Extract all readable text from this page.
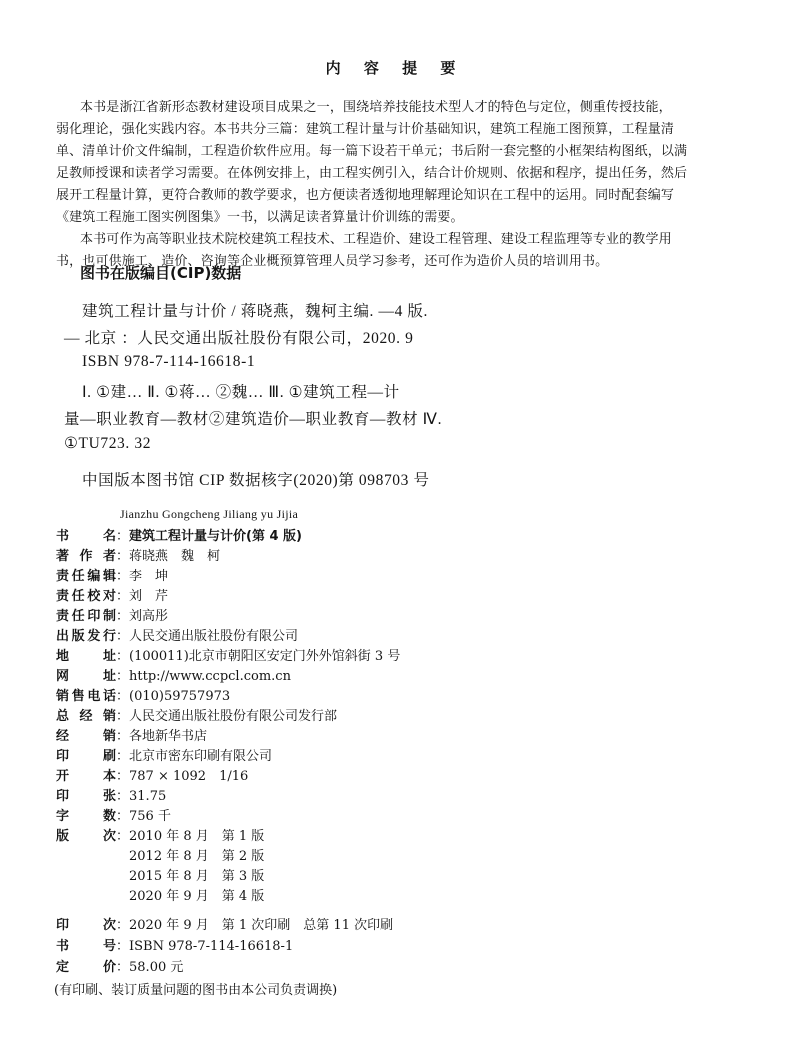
内 容 提 要
本书是浙江省新形态教材建设项目成果之一，围绕培养技能技术型人才的特色与定位，侧重传授技能，
弱化理论，强化实践内容。本书共分三篇：建筑工程计量与计价基础知识，建筑工程施工图预算，工程量清
单、清单计价文件编制，工程造价软件应用。每一篇下设若干单元；书后附一套完整的小框架结构图纸，以满
足教师授课和读者学习需要。在体例安排上，由工程实例引入，结合计价规则、依据和程序，提出任务，然后
展开工程量计算，更符合教师的教学要求，也方便读者透彻地理解理论知识在工程中的运用。同时配套编写
《建筑工程施工图实例图集》一书，以满足读者算量计价训练的需要。
本书可作为高等职业技术院校建筑工程技术、工程造价、建设工程管理、建设工程监理等专业的教学用
书，也可供施工、造价、咨询等企业概预算管理人员学习参考，还可作为造价人员的培训用书。
图书在版编目(CIP)数据
建筑工程计量与计价 / 蒋晓燕，魏柯主编. —4 版.
— 北京 ：人民交通出版社股份有限公司，2020. 9
ISBN 978-7-114-16618-1
Ⅰ. ①建… Ⅱ. ①蒋… ②魏… Ⅲ. ①建筑工程—计
量—职业教育—教材②建筑造价—职业教育—教材 Ⅳ.
①TU723. 32
中国版本图书馆 CIP 数据核字(2020)第 098703 号
Jianzhu Gongcheng Jiliang yu Jijia
书　　名：建筑工程计量与计价(第 4 版)
著 作 者：蒋晓燕　魏　柯
责任编辑：李　坤
责任校对：刘　芹
责任印制：刘高彤
出版发行：人民交通出版社股份有限公司
地　　址：(100011)北京市朝阳区安定门外外馆斜街 3 号
网　　址：http://www.ccpcl.com.cn
销售电话：(010)59757973
总 经 销：人民交通出版社股份有限公司发行部
经　　销：各地新华书店
印　　刷：北京市密东印刷有限公司
开　　本：787 × 1092　1/16
印　　张：31.75
字　　数：756 千
版　　次：2010 年 8 月　第 1 版
　2012 年 8 月　第 2 版
　2015 年 8 月　第 3 版
　2020 年 9 月　第 4 版
印　　次：2020 年 9 月　第 1 次印刷　总第 11 次印刷
书　　号：ISBN 978-7-114-16618-1
定　　价：58.00 元
(有印刷、装订质量问题的图书由本公司负责调换)
